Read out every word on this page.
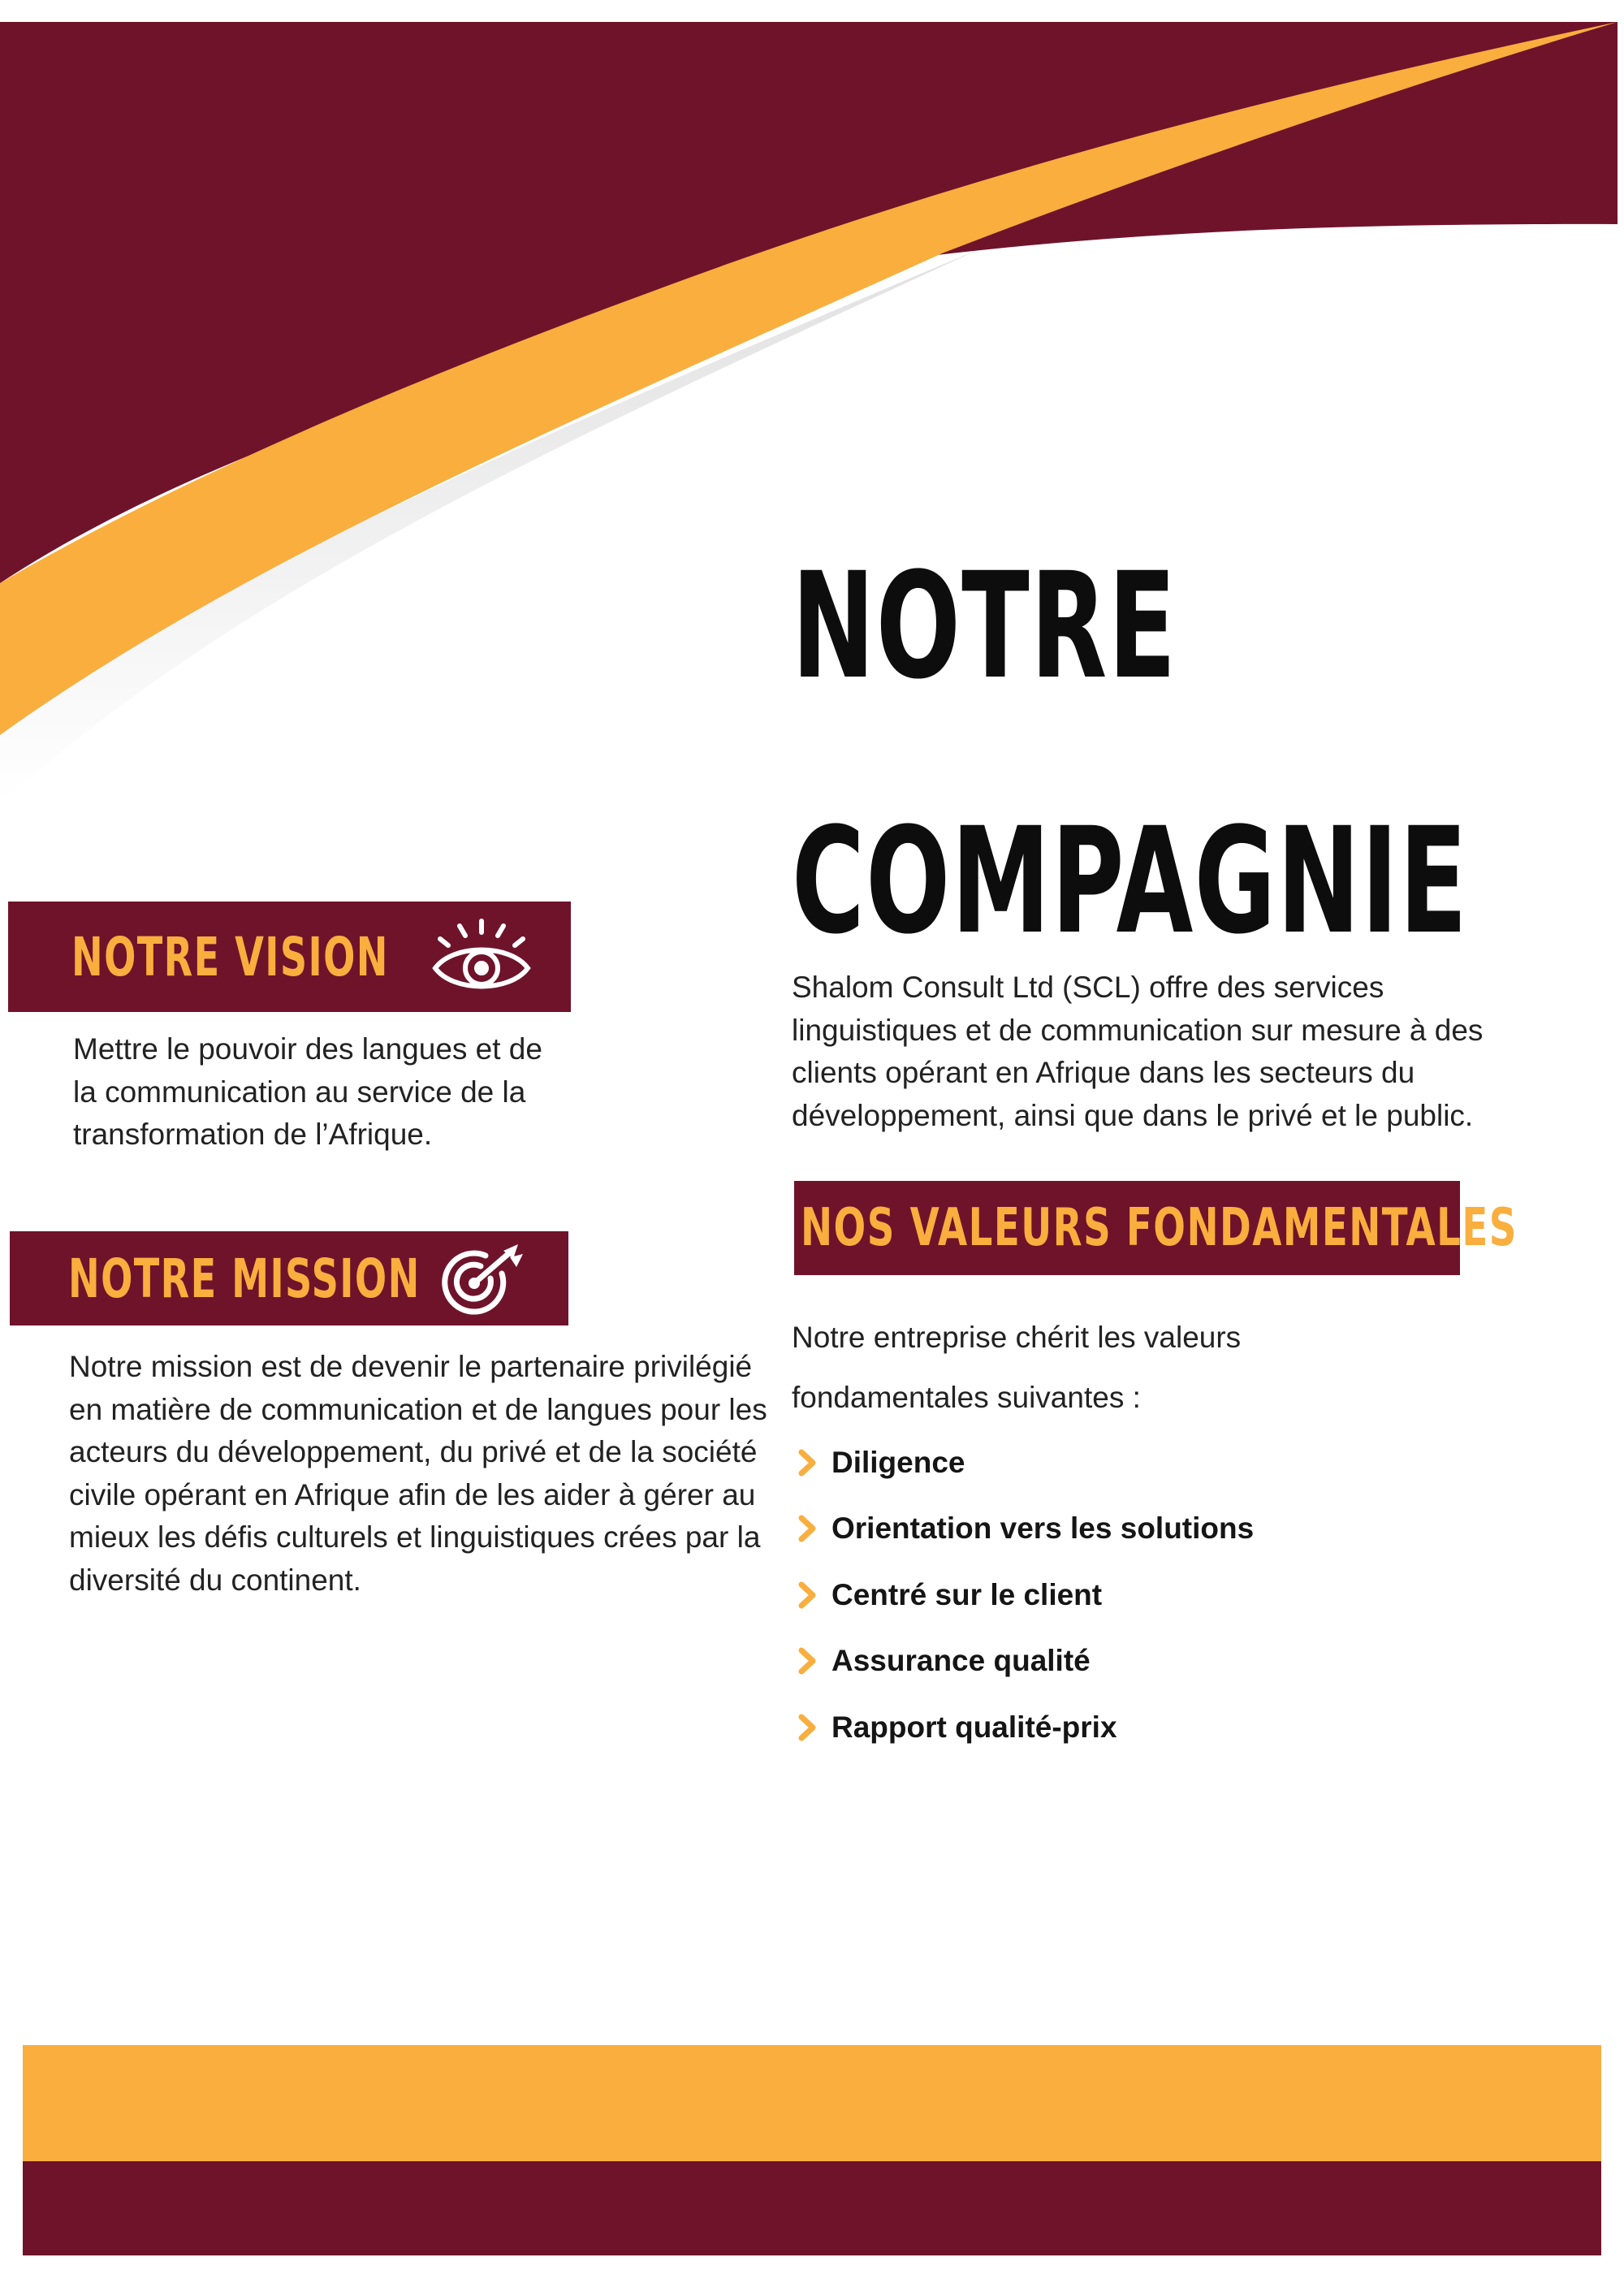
NOTRE
COMPAGNIE

Shalom Consult Ltd (SCL) offre des services linguistiques et de communication sur mesure à des clients opérant en Afrique dans les secteurs du développement, ainsi que dans le privé et le public.

NOTRE VISION

Mettre le pouvoir des langues et de la communication au service de la transformation de l’Afrique.

NOTRE MISSION

Notre mission est de devenir le partenaire privilégié en matière de communication et de langues pour les acteurs du développement, du privé et de la société civile opérant en Afrique afin de les aider à gérer au mieux les défis culturels et linguistiques crées par la diversité du continent.

NOS VALEURS FONDAMENTALES

Notre entreprise chérit les valeurs fondamentales suivantes :

Diligence
Orientation vers les solutions
Centré sur le client
Assurance qualité
Rapport qualité-prix
